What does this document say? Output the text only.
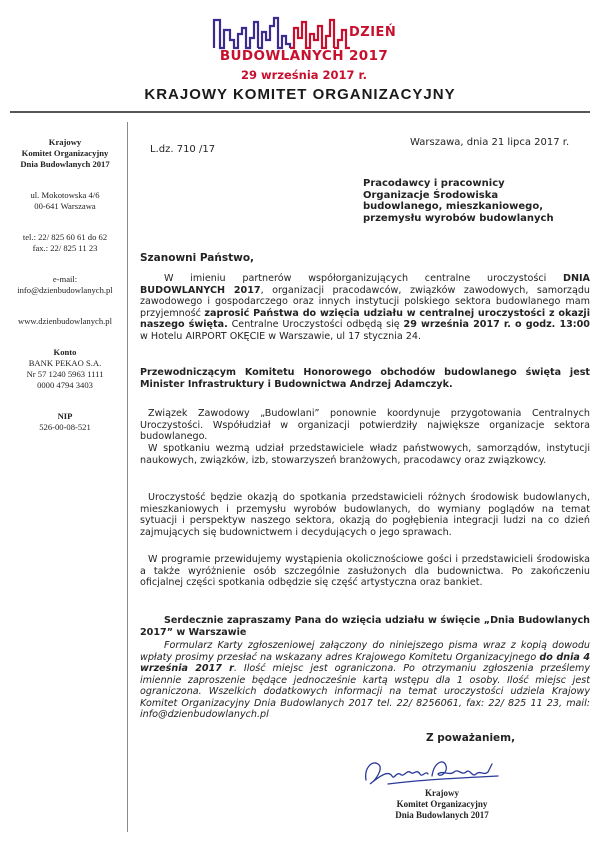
DZIEŃ
BUDOWLANYCH 2017
29 września 2017 r.
KRAJOWY KOMITET ORGANIZACYJNY
Krajowy
Komitet Organizacyjny
Dnia Budowlanych 2017
ul. Mokotowska 4/6
00-641 Warszawa
tel.: 22/ 825 60 61 do 62
fax.: 22/ 825 11 23
e-mail:
info@dzienbudowlanych.pl
www.dzienbudowlanych.pl
Konto
BANK PEKAO S.A.
Nr 57 1240 5963 1111
0000 4794 3403
NIP
526-00-08-521
Warszawa, dnia 21 lipca 2017 r.
L.dz. 710 /17
Pracodawcy i pracownicy
Organizacje Środowiska
budowlanego, mieszkaniowego,
przemysłu wyrobów budowlanych
Szanowni Państwo,

W imieniu partnerów współorganizujących centralne uroczystości DNIA BUDOWLANYCH 2017, organizacji pracodawców, związków zawodowych, samorządu zawodowego i gospodarczego oraz innych instytucji polskiego sektora budowlanego mam przyjemność zaprosić Państwa do wzięcia udziału w centralnej uroczystości z okazji naszego święta. Centralne Uroczystości odbędą się 29 września 2017 r. o godz. 13:00 w Hotelu AIRPORT OKĘCIE w Warszawie, ul 17 stycznia 24.

Przewodniczącym Komitetu Honorowego obchodów budowlanego święta jest Minister Infrastruktury i Budownictwa Andrzej Adamczyk.

Związek Zawodowy „Budowlani” ponownie koordynuje przygotowania Centralnych Uroczystości. Współudział w organizacji potwierdziły największe organizacje sektora budowlanego.

W spotkaniu wezmą udział przedstawiciele władz państwowych, samorządów, instytucji naukowych, związków, izb, stowarzyszeń branżowych, pracodawcy oraz związkowcy.

Uroczystość będzie okazją do spotkania przedstawicieli różnych środowisk budowlanych, mieszkaniowych i przemysłu wyrobów budowlanych, do wymiany poglądów na temat sytuacji i perspektyw naszego sektora, okazją do pogłębienia integracji ludzi na co dzień zajmujących się budownictwem i decydujących o jego sprawach.

W programie przewidujemy wystąpienia okolicznościowe gości i przedstawicieli środowiska a także wyróżnienie osób szczególnie zasłużonych dla budownictwa. Po zakończeniu oficjalnej części spotkania odbędzie się część artystyczna oraz bankiet.

Serdecznie zapraszamy Pana do wzięcia udziału w święcie „Dnia Budowlanych 2017” w Warszawie

Formularz Karty zgłoszeniowej załączony do niniejszego pisma wraz z kopią dowodu wpłaty prosimy przesłać na wskazany adres Krajowego Komitetu Organizacyjnego do dnia 4 września 2017 r. Ilość miejsc jest ograniczona. Po otrzymaniu zgłoszenia prześlemy imiennie zaproszenie będące jednocześnie kartą wstępu dla 1 osoby. Ilość miejsc jest ograniczona. Wszelkich dodatkowych informacji na temat uroczystości udziela Krajowy Komitet Organizacyjny Dnia Budowlanych 2017 tel. 22/ 8256061, fax: 22/ 825 11 23, mail: info@dzienbudowlanych.pl

Z poważaniem,
Krajowy
Komitet Organizacyjny
Dnia Budowlanych 2017
